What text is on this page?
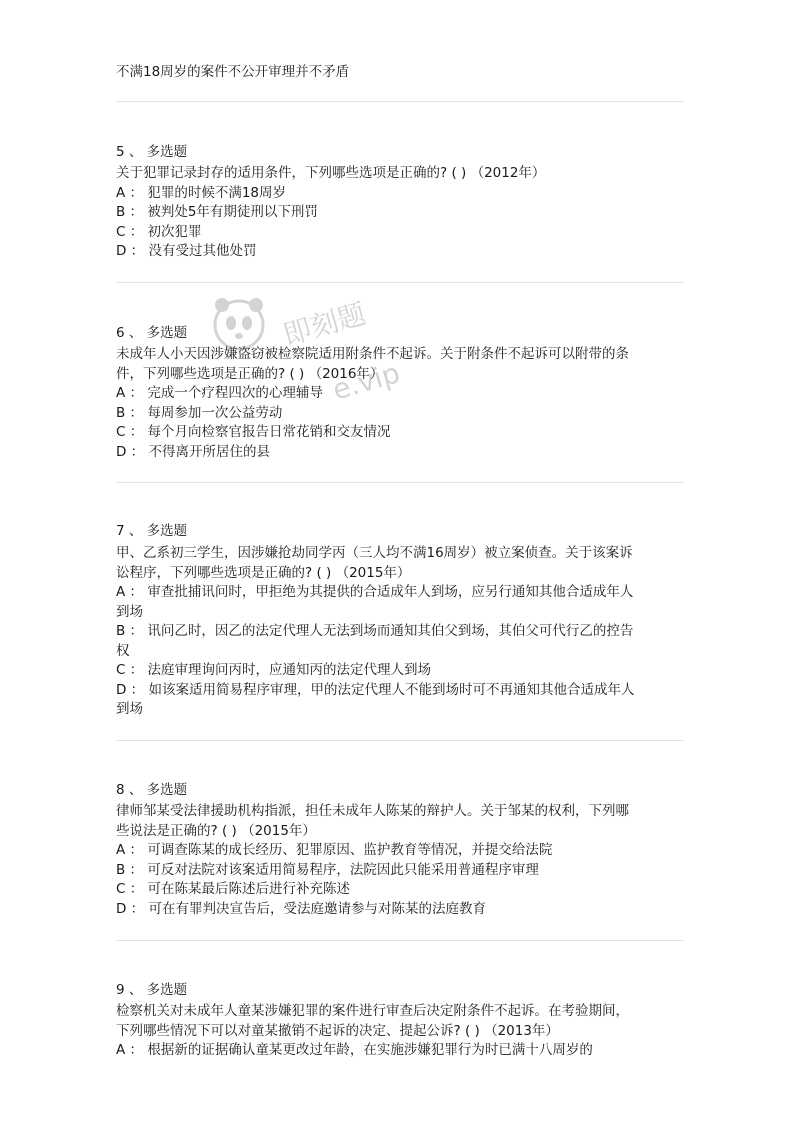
不满18周岁的案件不公开审理并不矛盾
5 、 多选题
关于犯罪记录封存的适用条件，下列哪些选项是正确的? ( ) （2012年）
A ： 犯罪的时候不满18周岁
B ： 被判处5年有期徒刑以下刑罚
C ： 初次犯罪
D ： 没有受过其他处罚
6 、 多选题
未成年人小天因涉嫌盗窃被检察院适用附条件不起诉。关于附条件不起诉可以附带的条
件，下列哪些选项是正确的? ( ) （2016年）
A ： 完成一个疗程四次的心理辅导
B ： 每周参加一次公益劳动
C ： 每个月向检察官报告日常花销和交友情况
D ： 不得离开所居住的县
7 、 多选题
甲、乙系初三学生，因涉嫌抢劫同学丙（三人均不满16周岁）被立案侦查。关于该案诉
讼程序，下列哪些选项是正确的? ( ) （2015年）
A ： 审查批捕讯问时，甲拒绝为其提供的合适成年人到场，应另行通知其他合适成年人
到场
B ： 讯问乙时，因乙的法定代理人无法到场而通知其伯父到场，其伯父可代行乙的控告
权
C ： 法庭审理询问丙时，应通知丙的法定代理人到场
D ： 如该案适用简易程序审理，甲的法定代理人不能到场时可不再通知其他合适成年人
到场
8 、 多选题
律师邹某受法律援助机构指派，担任未成年人陈某的辩护人。关于邹某的权利，下列哪
些说法是正确的? ( ) （2015年）
A ： 可调查陈某的成长经历、犯罪原因、监护教育等情况，并提交给法院
B ： 可反对法院对该案适用简易程序，法院因此只能采用普通程序审理
C ： 可在陈某最后陈述后进行补充陈述
D ： 可在有罪判决宣告后，受法庭邀请参与对陈某的法庭教育
9 、 多选题
检察机关对未成年人童某涉嫌犯罪的案件进行审查后决定附条件不起诉。在考验期间，
下列哪些情况下可以对童某撤销不起诉的决定、提起公诉? ( ) （2013年）
A ： 根据新的证据确认童某更改过年龄，在实施涉嫌犯罪行为时已满十八周岁的
即刻题
e.vip
